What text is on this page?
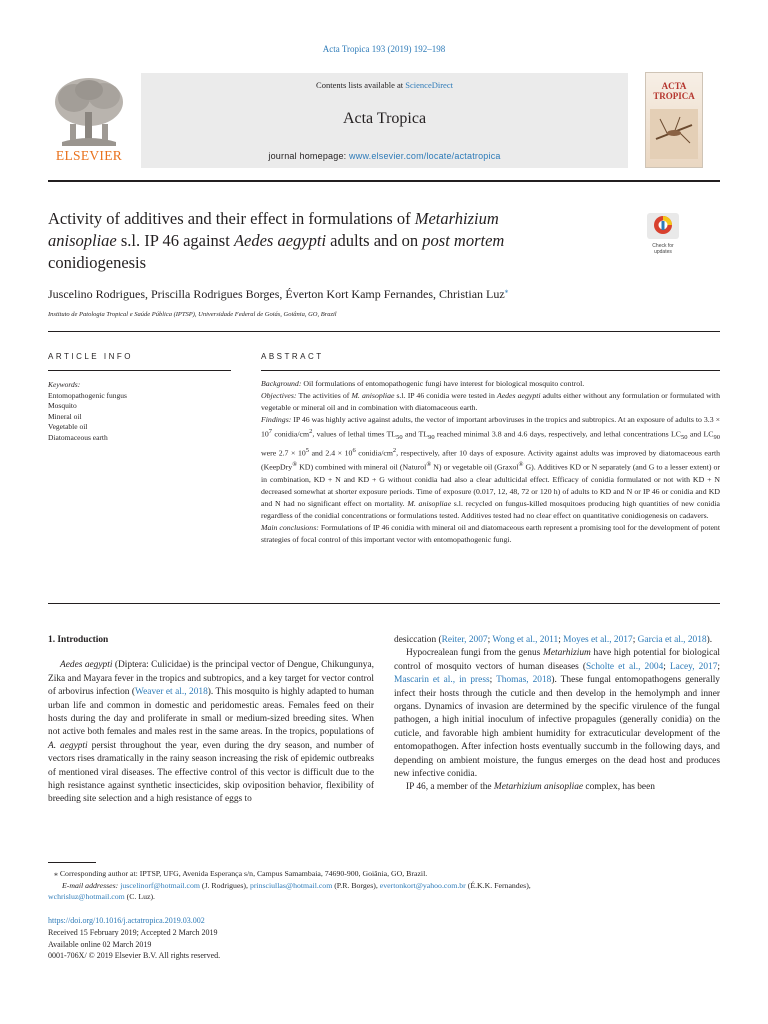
Acta Tropica 193 (2019) 192–198
ELSEVIER
Contents lists available at ScienceDirect
Acta Tropica
journal homepage: www.elsevier.com/locate/actatropica
ACTA
TROPICA
Activity of additives and their effect in formulations of Metarhizium
anisopliae s.l. IP 46 against Aedes aegypti adults and on post mortem
conidiogenesis
Check for updates
Juscelino Rodrigues, Priscilla Rodrigues Borges, Éverton Kort Kamp Fernandes, Christian Luz⁎
Instituto de Patologia Tropical e Saúde Pública (IPTSP), Universidade Federal de Goiás, Goiânia, GO, Brazil
ARTICLE INFO	ABSTRACT
Keywords:
Entomopathogenic fungus
Mosquito
Mineral oil
Vegetable oil
Diatomaceous earth

Background: Oil formulations of entomopathogenic fungi have interest for biological mosquito control.

Objectives: The activities of M. anisopliae s.l. IP 46 conidia were tested in Aedes aegypti adults either without any formulation or formulated with vegetable or mineral oil and in combination with diatomaceous earth.

Findings: IP 46 was highly active against adults, the vector of important arboviruses in the tropics and subtropics. At an exposure of adults to $3.3 \times 10^7$ conidia/$cm^2$, values of lethal times $TL_{50}$ and $TL_{90}$ reached minimal 3.8 and 4.6 days, respectively, and lethal concentrations $LC_{50}$ and $LC_{90}$ were $2.7 \times 10^5$ and $2.4 \times 10^6$ conidia/$cm^2$, respectively, after 10 days of exposure. Activity against adults was improved by diatomaceous earth (KeepDry® KD) combined with mineral oil (Naturol® N) or vegetable oil (Graxol® G). Additives KD or N separately (and G to a lesser extent) or in combination, KD + N and KD + G without conidia had also a clear adulticidal effect. Efficacy of conidia formulated or not with KD + N decreased somewhat at shorter exposure periods. Time of exposure (0.017, 12, 48, 72 or 120 h) of adults to KD and N or IP 46 or conidia and KD and N had no significant effect on mortality. M. anisopliae s.l. recycled on fungus-killed mosquitoes producing high quantities of new conidia regardless of the conidial concentrations or formulations tested. Additives tested had no clear effect on quantitative conidiogenesis on cadavers.

Main conclusions: Formulations of IP 46 conidia with mineral oil and diatomaceous earth represent a promising tool for the development of potent strategies of focal control of this important vector with entomopathogenic fungi.

1. Introduction

Aedes aegypti (Diptera: Culicidae) is the principal vector of Dengue, Chikungunya, Zika and Mayara fever in the tropics and subtropics, and a key target for vector control of arbovirus infection (Weaver et al., 2018). This mosquito is highly adapted to human urban life and common in domestic and peridomestic areas. Females feed on their hosts during the day and proliferate in small or medium-sized breeding sites. When not active both females and males rest in the same areas. In the tropics, populations of A. aegypti persist throughout the year, even during the dry season, and number of vectors rises dramatically in the rainy season increasing the risk of epidemic outbreaks of mentioned viral diseases. The effective control of this vector is difficult due to the high resistance against synthetic insecticides, skip oviposition behavior, flexibility of breeding site selection and a high resistance of eggs to

desiccation (Reiter, 2007; Wong et al., 2011; Moyes et al., 2017; Garcia et al., 2018).

Hypocrealean fungi from the genus Metarhizium have high potential for biological control of mosquito vectors of human diseases (Scholte et al., 2004; Lacey, 2017; Mascarin et al., in press; Thomas, 2018). These fungal entomopathogens generally infect their hosts through the cuticle and then develop in the hemolymph and inner organs. Dynamics of invasion are determined by the specific virulence of the fungal pathogen, a high initial inoculum of infective propagules (generally conidia) on the cuticle, and favorable high ambient humidity for extracuticular development of the entomopathogen. After infection hosts eventually succumb in the following days, and depending on ambient moisture, the fungus emerges on the dead host and produces new infective conidia.

IP 46, a member of the Metarhizium anisopliae complex, has been

⁎ Corresponding author at: IPTSP, UFG, Avenida Esperança s/n, Campus Samambaia, 74690-900, Goiânia, GO, Brazil.
E-mail addresses: juscelinorf@hotmail.com (J. Rodrigues), prinsciullas@hotmail.com (P.R. Borges), evertonkort@yahoo.com.br (É.K.K. Fernandes),
wchrisluz@hotmail.com (C. Luz).
https://doi.org/10.1016/j.actatropica.2019.03.002
Received 15 February 2019; Accepted 2 March 2019
Available online 02 March 2019
0001-706X/ © 2019 Elsevier B.V. All rights reserved.
